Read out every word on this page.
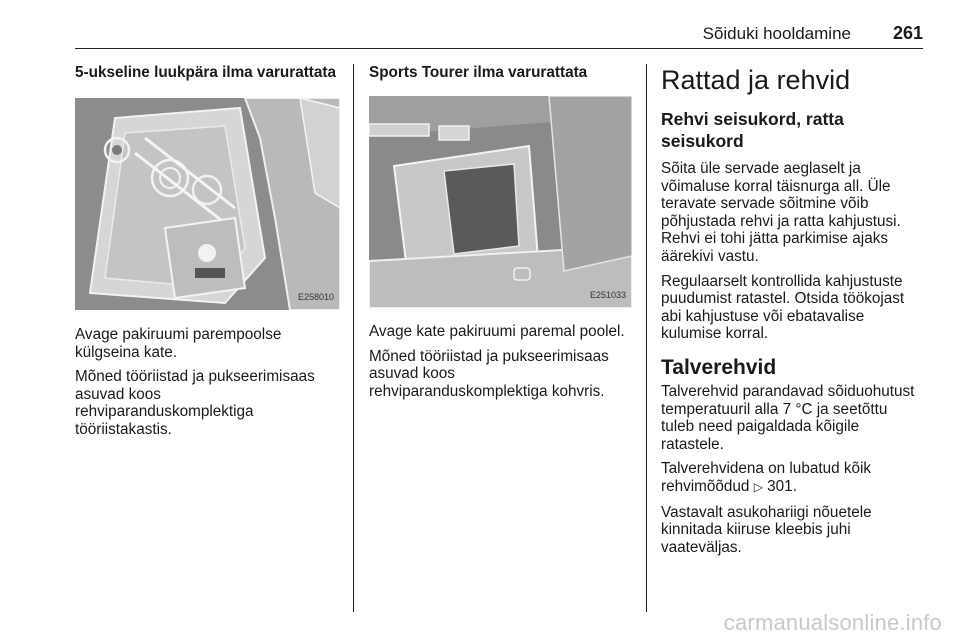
Sõiduki hooldamine 261

5-ukseline luukpära ilma varurattata

E258010

Avage pakiruumi parempoolse külgseina kate.

Mõned tööriistad ja pukseerimisaas asuvad koos rehviparanduskomplektiga tööriistakastis.

Sports Tourer ilma varurattata

E251033

Avage kate pakiruumi paremal poolel.

Mõned tööriistad ja pukseerimisaas asuvad koos rehviparanduskomplektiga kohvris.

Rattad ja rehvid
Rehvi seisukord, ratta seisukord

Sõita üle servade aeglaselt ja võimaluse korral täisnurga all. Üle teravate servade sõitmine võib põhjustada rehvi ja ratta kahjustusi. Rehvi ei tohi jätta parkimise ajaks äärekivi vastu.

Regulaarselt kontrollida kahjustuste puudumist ratastel. Otsida töökojast abi kahjustuse või ebatavalise kulumise korral.

Talverehvid

Talverehvid parandavad sõiduohutust temperatuuril alla 7 °C ja seetõttu tuleb need paigaldada kõigile ratastele.

Talverehvidena on lubatud kõik rehvimõõdud ▷ 301.

Vastavalt asukohariigi nõuetele kinnitada kiiruse kleebis juhi vaateväljas.

carmanualsonline.info
